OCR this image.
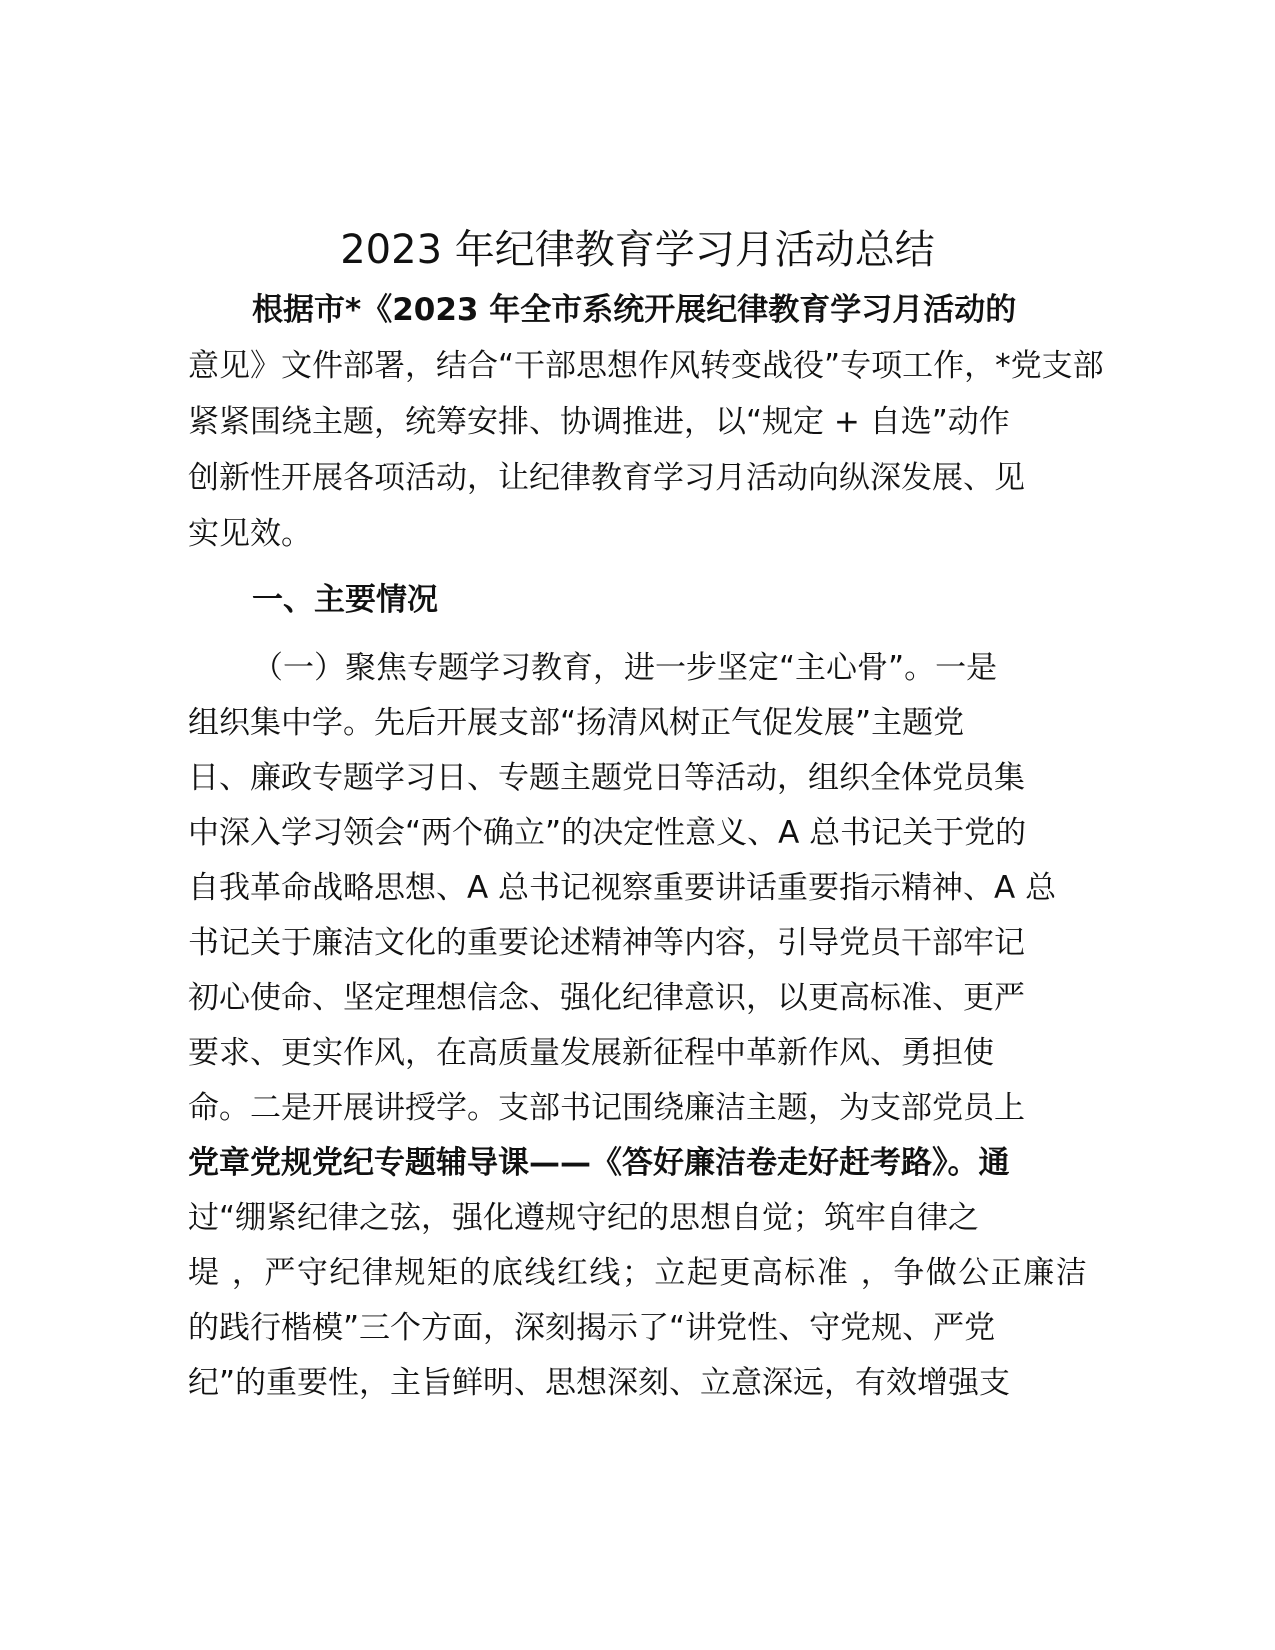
2023 年纪律教育学习月活动总结

根据市*《2023 年全市系统开展纪律教育学习月活动的

意见》文件部署，结合“干部思想作风转变战役”专项工作，*党支部

紧紧围绕主题，统筹安排、协调推进，以“规定 + 自选”动作

创新性开展各项活动，让纪律教育学习月活动向纵深发展、见

实见效。

一、主要情况

（一）聚焦专题学习教育，进一步坚定“主心骨”。一是

组织集中学。先后开展支部“扬清风树正气促发展”主题党

日、廉政专题学习日、专题主题党日等活动，组织全体党员集

中深入学习领会“两个确立”的决定性意义、A 总书记关于党的

自我革命战略思想、A 总书记视察重要讲话重要指示精神、A 总

书记关于廉洁文化的重要论述精神等内容，引导党员干部牢记

初心使命、坚定理想信念、强化纪律意识，以更高标准、更严

要求、更实作风，在高质量发展新征程中革新作风、勇担使

命。二是开展讲授学。支部书记围绕廉洁主题，为支部党员上

党章党规党纪专题辅导课——《答好廉洁卷走好赶考路》。通

过“绷紧纪律之弦，强化遵规守纪的思想自觉；筑牢自律之

堤 ，严守纪律规矩的底线红线；立起更高标准 ，争做公正廉洁

的践行楷模”三个方面，深刻揭示了“讲党性、守党规、严党

纪”的重要性，主旨鲜明、思想深刻、立意深远，有效增强支
